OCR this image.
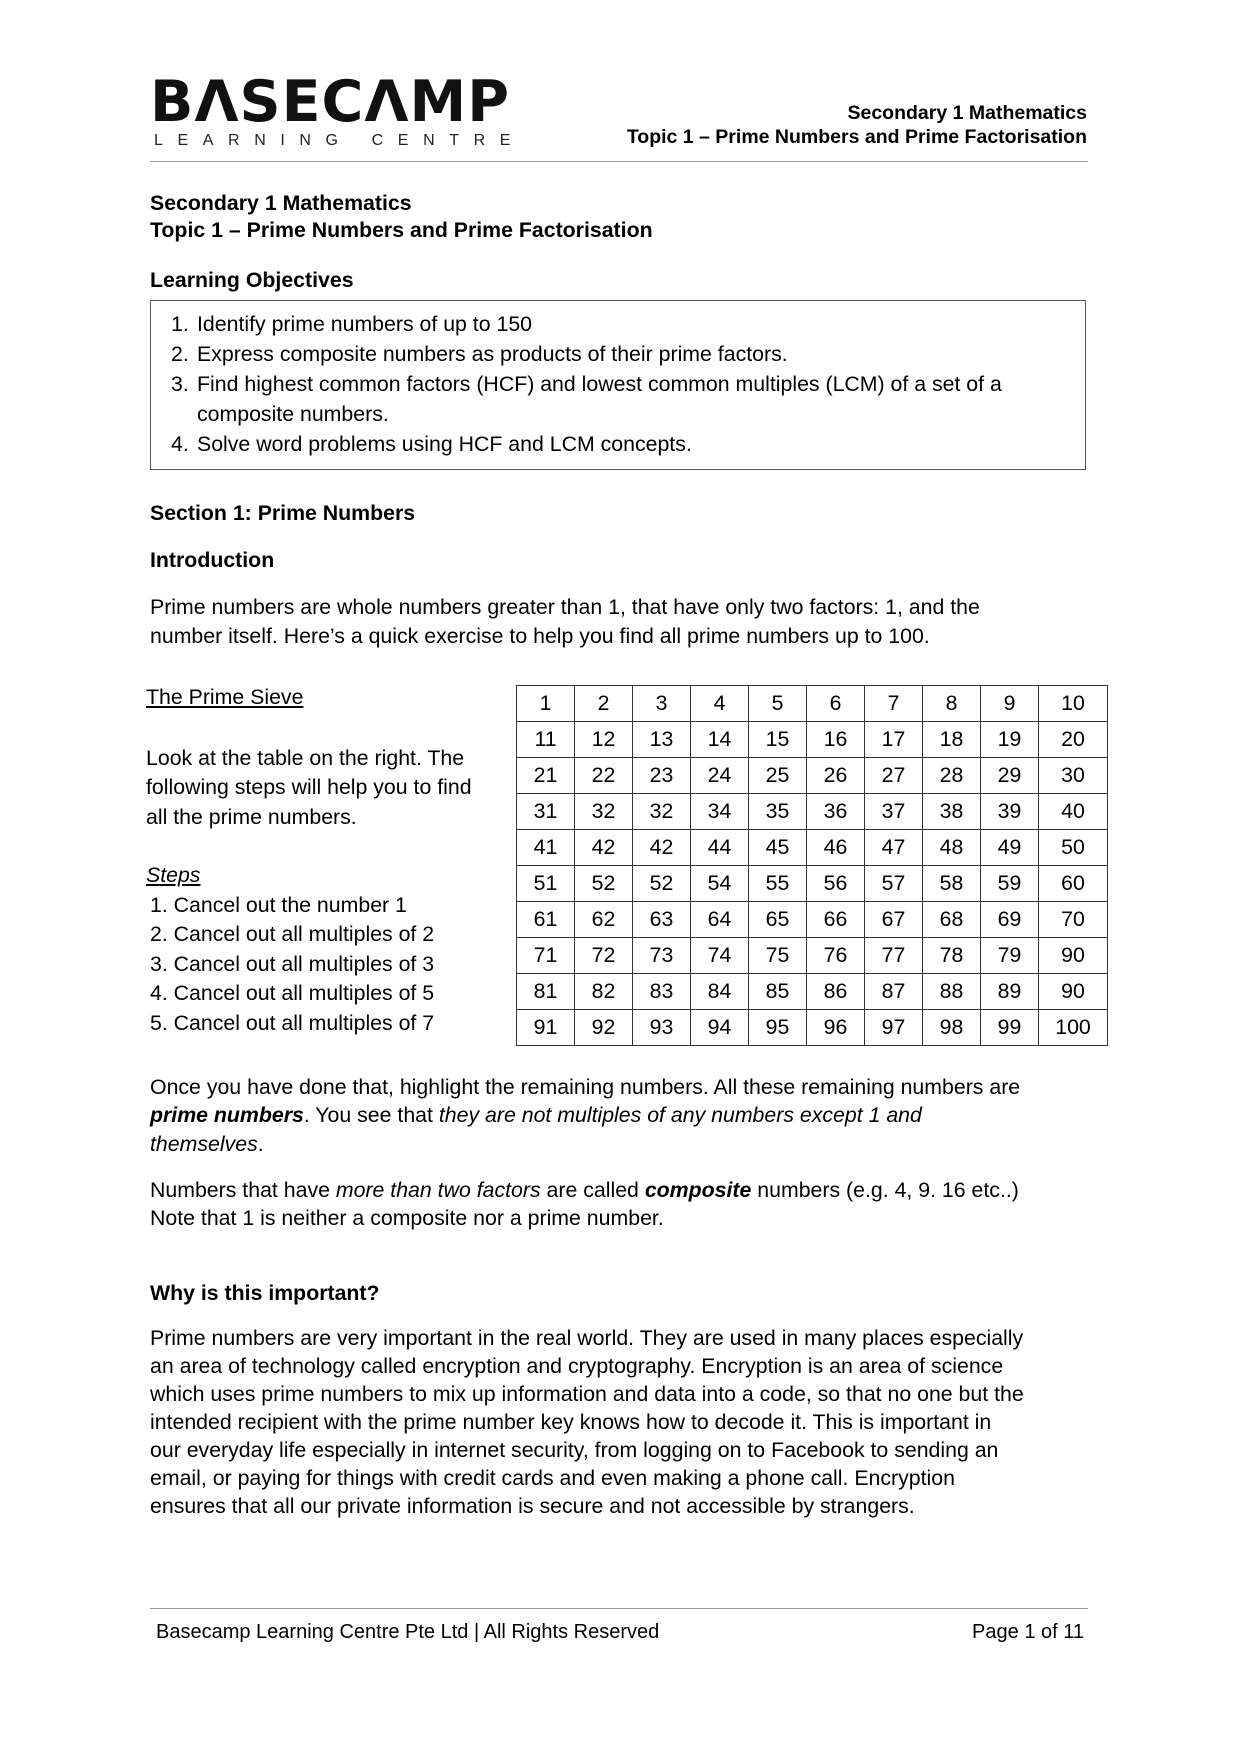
BΛSECΛMP
LEARNING CENTRE
Secondary 1 Mathematics
Topic 1 – Prime Numbers and Prime Factorisation
Secondary 1 Mathematics
Topic 1 – Prime Numbers and Prime Factorisation
Learning Objectives
1. Identify prime numbers of up to 150
2. Express composite numbers as products of their prime factors.
3. Find highest common factors (HCF) and lowest common multiples (LCM) of a set of a
composite numbers.
4. Solve word problems using HCF and LCM concepts.
Section 1: Prime Numbers
Introduction
Prime numbers are whole numbers greater than 1, that have only two factors: 1, and the
number itself. Here’s a quick exercise to help you find all prime numbers up to 100.
The Prime Sieve
Look at the table on the right. The
following steps will help you to find
all the prime numbers.
Steps
1. Cancel out the number 1
2. Cancel out all multiples of 2
3. Cancel out all multiples of 3
4. Cancel out all multiples of 5
5. Cancel out all multiples of 7
1	2	3	4	5	6	7	8	9	10
11	12	13	14	15	16	17	18	19	20
21	22	23	24	25	26	27	28	29	30
31	32	32	34	35	36	37	38	39	40
41	42	42	44	45	46	47	48	49	50
51	52	52	54	55	56	57	58	59	60
61	62	63	64	65	66	67	68	69	70
71	72	73	74	75	76	77	78	79	90
81	82	83	84	85	86	87	88	89	90
91	92	93	94	95	96	97	98	99	100
Once you have done that, highlight the remaining numbers. All these remaining numbers are
prime numbers. You see that they are not multiples of any numbers except 1 and
themselves.
Numbers that have more than two factors are called composite numbers (e.g. 4, 9. 16 etc..)
Note that 1 is neither a composite nor a prime number.
Why is this important?
Prime numbers are very important in the real world. They are used in many places especially
an area of technology called encryption and cryptography. Encryption is an area of science
which uses prime numbers to mix up information and data into a code, so that no one but the
intended recipient with the prime number key knows how to decode it. This is important in
our everyday life especially in internet security, from logging on to Facebook to sending an
email, or paying for things with credit cards and even making a phone call. Encryption
ensures that all our private information is secure and not accessible by strangers.
Basecamp Learning Centre Pte Ltd | All Rights Reserved	Page 1 of 11
